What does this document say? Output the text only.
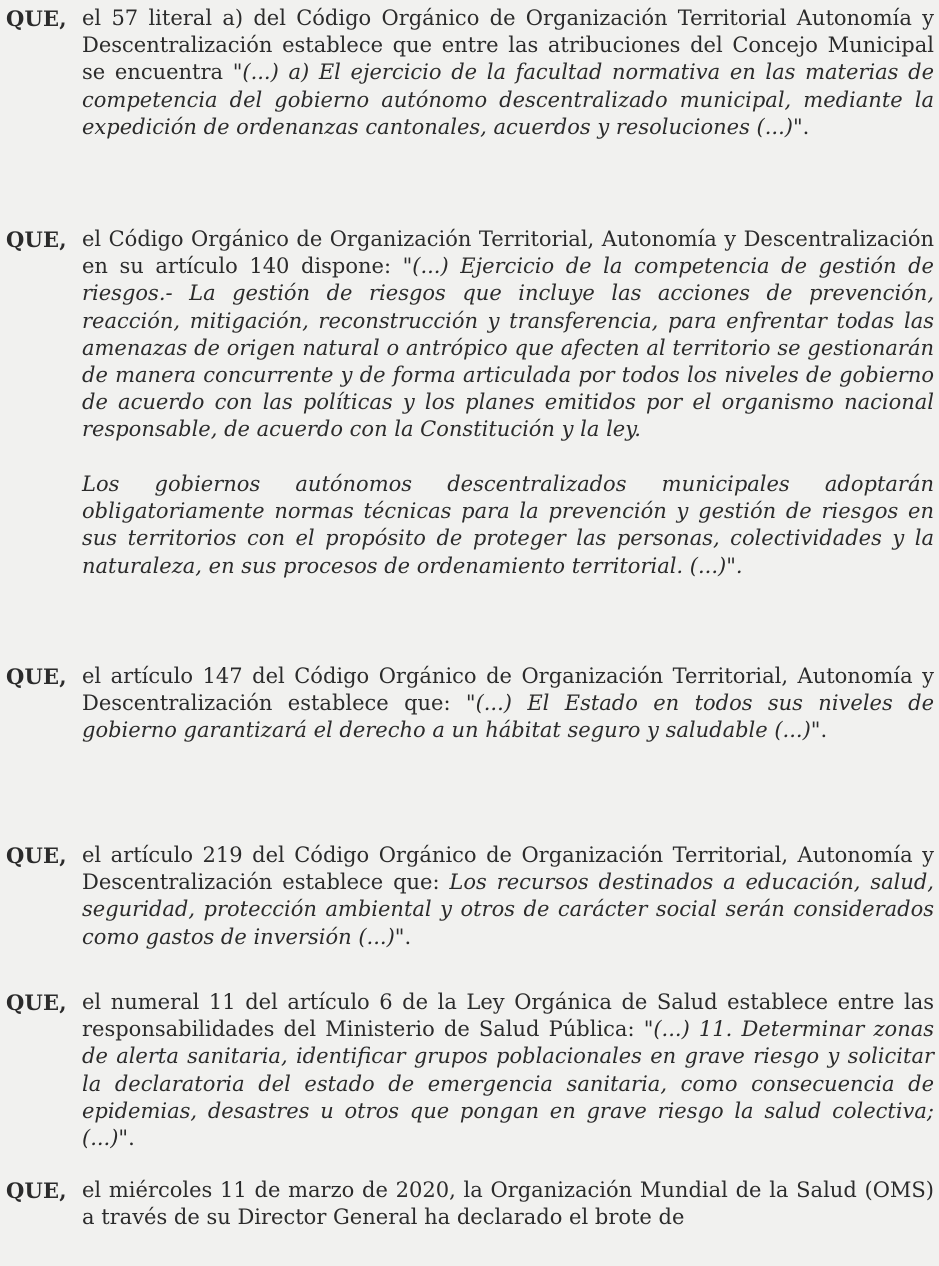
QUE, el 57 literal a) del Código Orgánico de Organización Territorial Autonomía y Descentralización establece que entre las atribuciones del Concejo Municipal se encuentra "(...) a) El ejercicio de la facultad normativa en las materias de competencia del gobierno autónomo descentralizado municipal, mediante la expedición de ordenanzas cantonales, acuerdos y resoluciones (...)".
QUE, el Código Orgánico de Organización Territorial, Autonomía y Descentralización en su artículo 140 dispone: "(...) Ejercicio de la competencia de gestión de riesgos.- La gestión de riesgos que incluye las acciones de prevención, reacción, mitigación, reconstrucción y transferencia, para enfrentar todas las amenazas de origen natural o antrópico que afecten al territorio se gestionarán de manera concurrente y de forma articulada por todos los niveles de gobierno de acuerdo con las políticas y los planes emitidos por el organismo nacional responsable, de acuerdo con la Constitución y la ley.
Los gobiernos autónomos descentralizados municipales adoptarán obligatoriamente normas técnicas para la prevención y gestión de riesgos en sus territorios con el propósito de proteger las personas, colectividades y la naturaleza, en sus procesos de ordenamiento territorial. (...)".
QUE, el artículo 147 del Código Orgánico de Organización Territorial, Autonomía y Descentralización establece que: "(...) El Estado en todos sus niveles de gobierno garantizará el derecho a un hábitat seguro y saludable (...)".
QUE, el artículo 219 del Código Orgánico de Organización Territorial, Autonomía y Descentralización establece que: Los recursos destinados a educación, salud, seguridad, protección ambiental y otros de carácter social serán considerados como gastos de inversión (...)".
QUE, el numeral 11 del artículo 6 de la Ley Orgánica de Salud establece entre las responsabilidades del Ministerio de Salud Pública: "(...) 11. Determinar zonas de alerta sanitaria, identificar grupos poblacionales en grave riesgo y solicitar la declaratoria del estado de emergencia sanitaria, como consecuencia de epidemias, desastres u otros que pongan en grave riesgo la salud colectiva; (...)".
QUE, el miércoles 11 de marzo de 2020, la Organización Mundial de la Salud (OMS) a través de su Director General ha declarado el brote de
